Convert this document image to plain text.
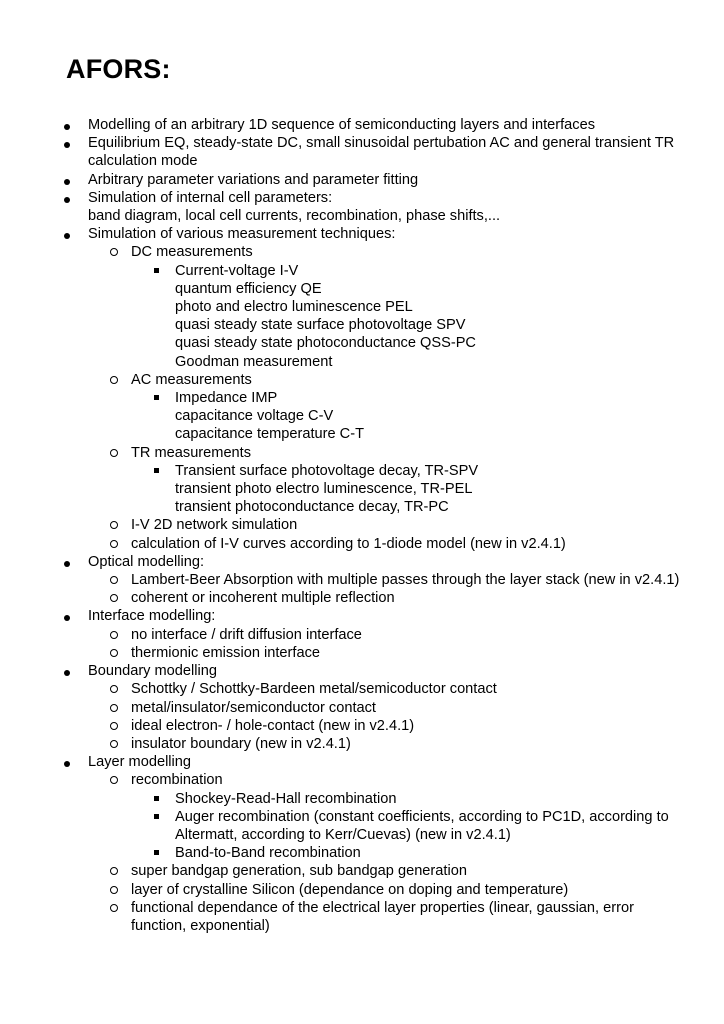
AFORS:
Modelling of an arbitrary 1D sequence of semiconducting layers and interfaces
Equilibrium EQ, steady-state DC, small sinusoidal pertubation AC and general transient TR calculation mode
Arbitrary parameter variations and parameter fitting
Simulation of internal cell parameters:
band diagram, local cell currents, recombination, phase shifts,...
Simulation of various measurement techniques:
DC measurements
Current-voltage I-V
quantum efficiency QE
photo and electro luminescence PEL
quasi steady state surface photovoltage SPV
quasi steady state photoconductance QSS-PC
Goodman measurement
AC measurements
Impedance IMP
capacitance voltage C-V
capacitance temperature C-T
TR measurements
Transient surface photovoltage decay, TR-SPV
transient photo electro luminescence, TR-PEL
transient photoconductance decay, TR-PC
I-V 2D network simulation
calculation of I-V curves according to 1-diode model (new in v2.4.1)
Optical modelling:
Lambert-Beer Absorption with multiple passes through the layer stack (new in v2.4.1)
coherent or incoherent multiple reflection
Interface modelling:
no interface / drift diffusion interface
thermionic emission interface
Boundary modelling
Schottky / Schottky-Bardeen metal/semicoductor contact
metal/insulator/semiconductor contact
ideal electron- / hole-contact (new in v2.4.1)
insulator boundary (new in v2.4.1)
Layer modelling
recombination
Shockey-Read-Hall recombination
Auger recombination (constant coefficients, according to PC1D, according to Altermatt, according to Kerr/Cuevas) (new in v2.4.1)
Band-to-Band recombination
super bandgap generation, sub bandgap generation
layer of crystalline Silicon (dependance on doping and temperature)
functional dependance of the electrical layer properties (linear, gaussian, error function, exponential)
